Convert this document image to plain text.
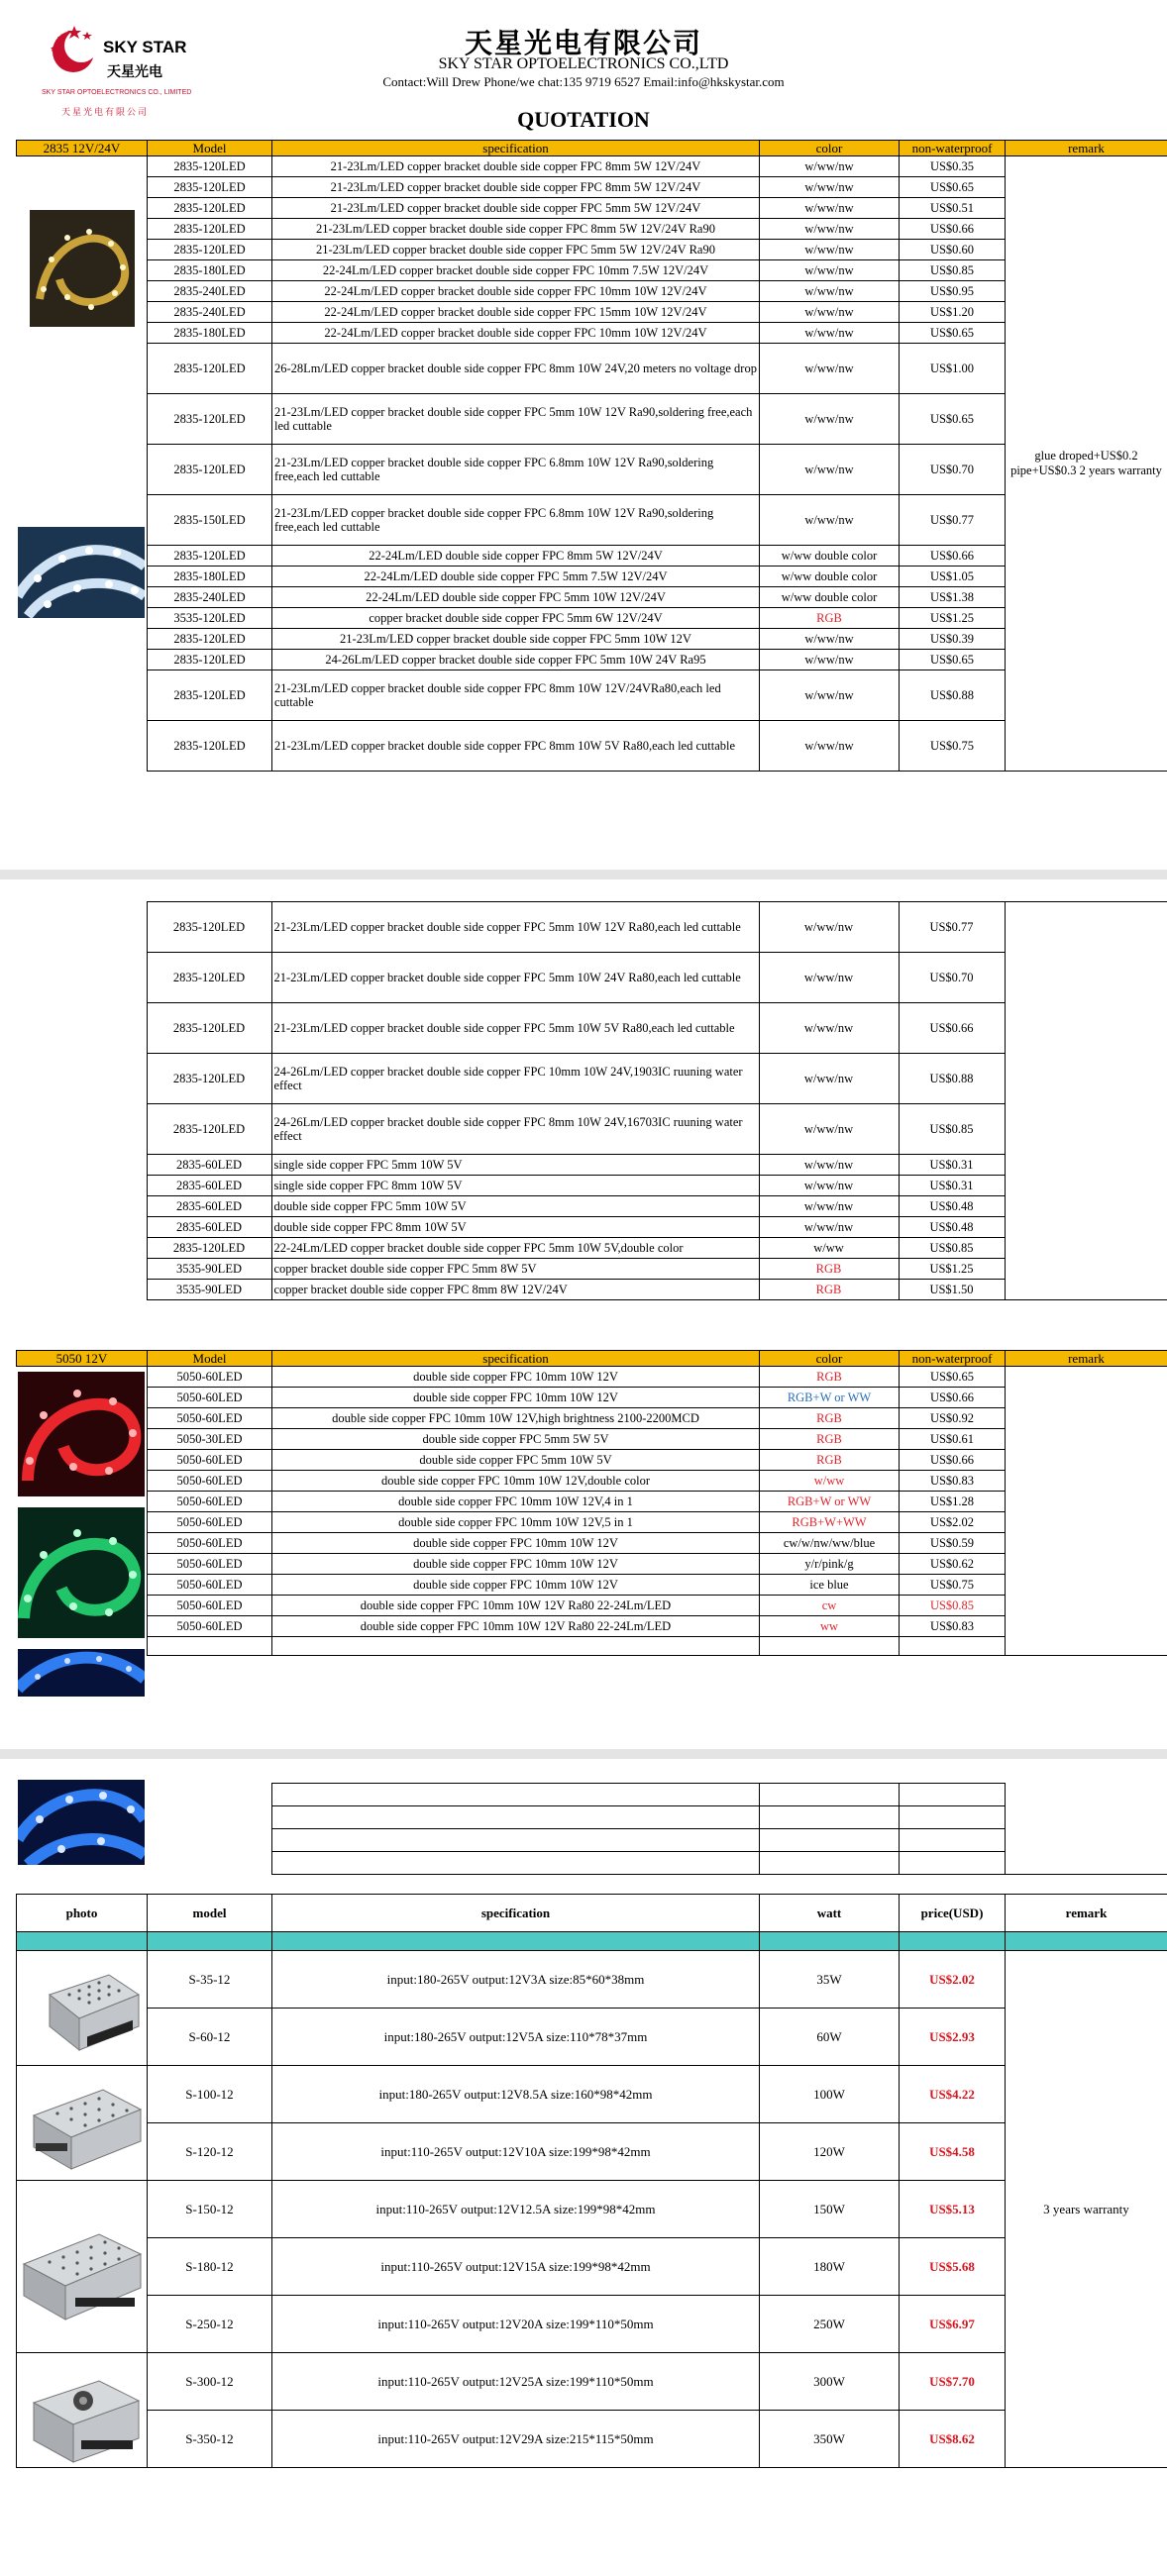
SKY STAR
天星光电
SKY STAR OPTOELECTRONICS CO., LIMITED
天星光电有限公司
天星光电有限公司
SKY STAR OPTOELECTRONICS CO.,LTD
Contact:Will Drew Phone/we chat:135 9719 6527 Email:info@hkskystar.com
QUOTATION
2835 12V/24V	Model	specification	color	non-waterproof	remark
	2835-120LED	21-23Lm/LED copper bracket double side copper FPC 8mm 5W 12V/24V	w/ww/nw	US$0.35	glue droped+US$0.2 pipe+US$0.3 2 years warranty
	2835-120LED	21-23Lm/LED copper bracket double side copper FPC 8mm 5W 12V/24V	w/ww/nw	US$0.65	
	2835-120LED	21-23Lm/LED copper bracket double side copper FPC 5mm 5W 12V/24V	w/ww/nw	US$0.51	
	2835-120LED	21-23Lm/LED copper bracket double side copper FPC 8mm 5W 12V/24V Ra90	w/ww/nw	US$0.66	
	2835-120LED	21-23Lm/LED copper bracket double side copper FPC 5mm 5W 12V/24V Ra90	w/ww/nw	US$0.60	
	2835-180LED	22-24Lm/LED copper bracket double side copper FPC 10mm 7.5W 12V/24V	w/ww/nw	US$0.85	
	2835-240LED	22-24Lm/LED copper bracket double side copper FPC 10mm 10W 12V/24V	w/ww/nw	US$0.95	
	2835-240LED	22-24Lm/LED copper bracket double side copper FPC 15mm 10W 12V/24V	w/ww/nw	US$1.20	
	2835-180LED	22-24Lm/LED copper bracket double side copper FPC 10mm 10W 12V/24V	w/ww/nw	US$0.65	
	2835-120LED	26-28Lm/LED copper bracket double side copper FPC 8mm 10W 24V,20 meters no voltage drop	w/ww/nw	US$1.00	
	2835-120LED	21-23Lm/LED copper bracket double side copper FPC 5mm 10W 12V Ra90,soldering free,each led cuttable	w/ww/nw	US$0.65	
	2835-120LED	21-23Lm/LED copper bracket double side copper FPC 6.8mm 10W 12V Ra90,soldering free,each led cuttable	w/ww/nw	US$0.70	
	2835-150LED	21-23Lm/LED copper bracket double side copper FPC 6.8mm 10W 12V Ra90,soldering free,each led cuttable	w/ww/nw	US$0.77	
	2835-120LED	22-24Lm/LED double side copper FPC 8mm 5W 12V/24V	w/ww double color	US$0.66	
	2835-180LED	22-24Lm/LED double side copper FPC 5mm 7.5W 12V/24V	w/ww double color	US$1.05	
	2835-240LED	22-24Lm/LED double side copper FPC 5mm 10W 12V/24V	w/ww double color	US$1.38	
	3535-120LED	copper bracket double side copper FPC 5mm 6W 12V/24V	RGB	US$1.25	
	2835-120LED	21-23Lm/LED copper bracket double side copper FPC 5mm 10W 12V	w/ww/nw	US$0.39	
	2835-120LED	24-26Lm/LED copper bracket double side copper FPC 5mm 10W 24V Ra95	w/ww/nw	US$0.65	
	2835-120LED	21-23Lm/LED copper bracket double side copper FPC 8mm 10W 12V/24VRa80,each led cuttable	w/ww/nw	US$0.88	
	2835-120LED	21-23Lm/LED copper bracket double side copper FPC 8mm 10W 5V Ra80,each led cuttable	w/ww/nw	US$0.75	
	2835-120LED	21-23Lm/LED copper bracket double side copper FPC 5mm 10W 12V Ra80,each led cuttable	w/ww/nw	US$0.77	
	2835-120LED	21-23Lm/LED copper bracket double side copper FPC 5mm 10W 24V Ra80,each led cuttable	w/ww/nw	US$0.70	
	2835-120LED	21-23Lm/LED copper bracket double side copper FPC 5mm 10W 5V Ra80,each led cuttable	w/ww/nw	US$0.66	
	2835-120LED	24-26Lm/LED copper bracket double side copper FPC 10mm 10W 24V,1903IC ruuning water effect	w/ww/nw	US$0.88	
	2835-120LED	24-26Lm/LED copper bracket double side copper FPC 8mm 10W 24V,16703IC ruuning water effect	w/ww/nw	US$0.85	
	2835-60LED	single side copper FPC 5mm 10W 5V	w/ww/nw	US$0.31	
	2835-60LED	single side copper FPC 8mm 10W 5V	w/ww/nw	US$0.31	
	2835-60LED	double side copper FPC 5mm 10W 5V	w/ww/nw	US$0.48	
	2835-60LED	double side copper FPC 8mm 10W 5V	w/ww/nw	US$0.48	
	2835-120LED	22-24Lm/LED copper bracket double side copper FPC 5mm 10W 5V,double color	w/ww	US$0.85	
	3535-90LED	copper bracket double side copper FPC 5mm 8W 5V	RGB	US$1.25	
	3535-90LED	copper bracket double side copper FPC 8mm 8W 12V/24V	RGB	US$1.50	
5050 12V	Model	specification	color	non-waterproof	remark
	5050-60LED	double side copper FPC 10mm 10W 12V	RGB	US$0.65	
	5050-60LED	double side copper FPC 10mm 10W 12V	RGB+W or WW	US$0.66	
	5050-60LED	double side copper FPC 10mm 10W 12V,high brightness 2100-2200MCD	RGB	US$0.92	
	5050-30LED	double side copper FPC 5mm 5W 5V	RGB	US$0.61	
	5050-60LED	double side copper FPC 5mm 10W 5V	RGB	US$0.66	
	5050-60LED	double side copper FPC 10mm 10W 12V,double color	w/ww	US$0.83	
	5050-60LED	double side copper FPC 10mm 10W 12V,4 in 1	RGB+W or WW	US$1.28	
	5050-60LED	double side copper FPC 10mm 10W 12V,5 in 1	RGB+W+WW	US$2.02	
	5050-60LED	double side copper FPC 10mm 10W 12V	cw/w/nw/ww/blue	US$0.59	
	5050-60LED	double side copper FPC 10mm 10W 12V	y/r/pink/g	US$0.62	
	5050-60LED	double side copper FPC 10mm 10W 12V	ice blue	US$0.75	
	5050-60LED	double side copper FPC 10mm 10W 12V Ra80 22-24Lm/LED	cw	US$0.85	
	5050-60LED	double side copper FPC 10mm 10W 12V Ra80 22-24Lm/LED	ww	US$0.83	

photo	model	specification	watt	price(USD)	remark

	S-35-12	input:180-265V output:12V3A size:85*60*38mm	35W	US$2.02	3 years warranty
	S-60-12	input:180-265V output:12V5A size:110*78*37mm	60W	US$2.93	
	S-100-12	input:180-265V output:12V8.5A size:160*98*42mm	100W	US$4.22	
	S-120-12	input:110-265V output:12V10A size:199*98*42mm	120W	US$4.58	
	S-150-12	input:110-265V output:12V12.5A size:199*98*42mm	150W	US$5.13	
	S-180-12	input:110-265V output:12V15A size:199*98*42mm	180W	US$5.68	
	S-250-12	input:110-265V output:12V20A size:199*110*50mm	250W	US$6.97	
	S-300-12	input:110-265V output:12V25A size:199*110*50mm	300W	US$7.70	
	S-350-12	input:110-265V output:12V29A size:215*115*50mm	350W	US$8.62	
